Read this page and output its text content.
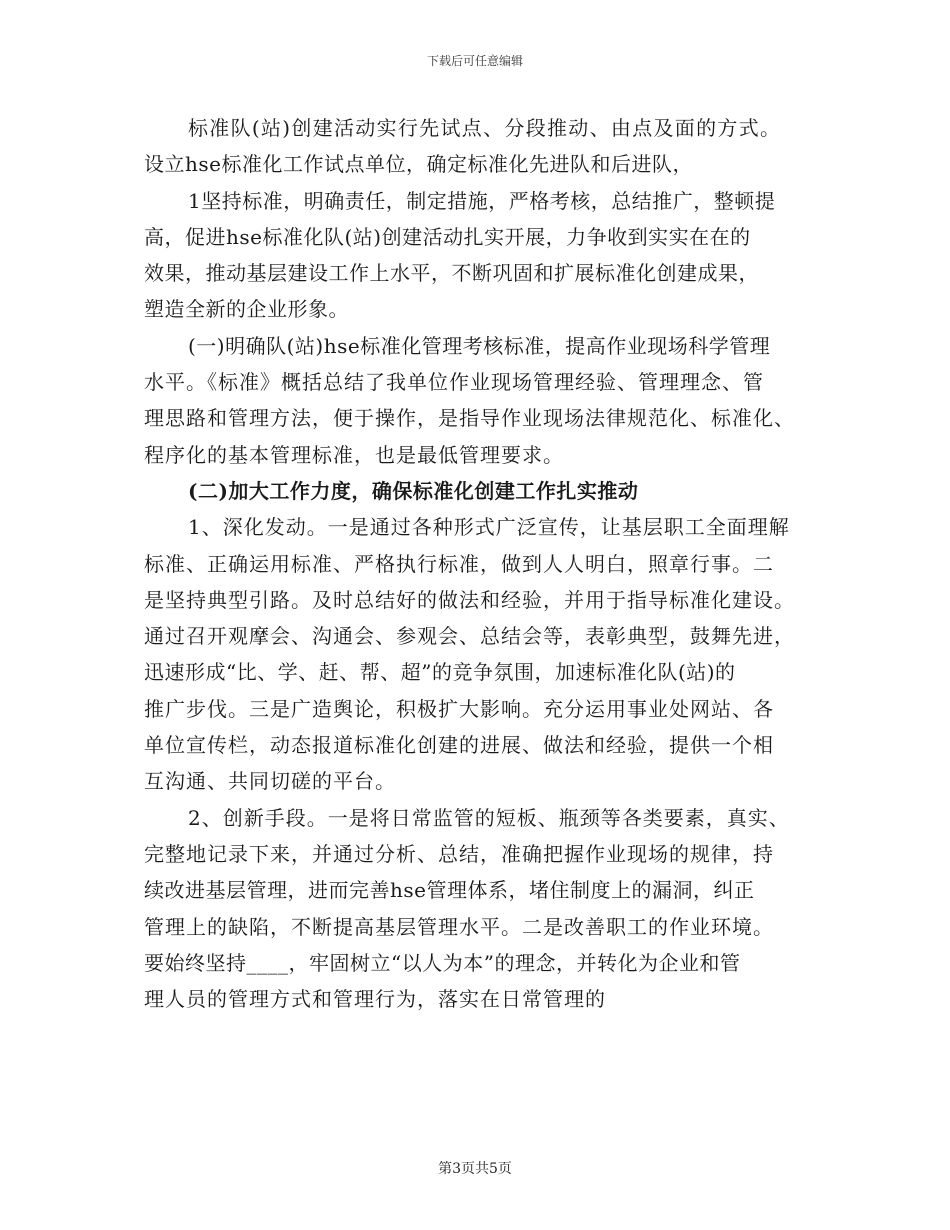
下载后可任意编辑
标准队(站)创建活动实行先试点、分段推动、由点及面的方式。
设立hse标准化工作试点单位，确定标准化先进队和后进队，
1坚持标准，明确责任，制定措施，严格考核，总结推广，整顿提
高，促进hse标准化队(站)创建活动扎实开展，力争收到实实在在的
效果，推动基层建设工作上水平，不断巩固和扩展标准化创建成果，
塑造全新的企业形象。
(一)明确队(站)hse标准化管理考核标准，提高作业现场科学管理
水平。《标准》概括总结了我单位作业现场管理经验、管理理念、管
理思路和管理方法，便于操作，是指导作业现场法律规范化、标准化、
程序化的基本管理标准，也是最低管理要求。
(二)加大工作力度，确保标准化创建工作扎实推动
1、深化发动。一是通过各种形式广泛宣传，让基层职工全面理解
标准、正确运用标准、严格执行标准，做到人人明白，照章行事。二
是坚持典型引路。及时总结好的做法和经验，并用于指导标准化建设。
通过召开观摩会、沟通会、参观会、总结会等，表彰典型，鼓舞先进，
迅速形成“比、学、赶、帮、超”的竞争氛围，加速标准化队(站)的
推广步伐。三是广造舆论，积极扩大影响。充分运用事业处网站、各
单位宣传栏，动态报道标准化创建的进展、做法和经验，提供一个相
互沟通、共同切磋的平台。
2、创新手段。一是将日常监管的短板、瓶颈等各类要素，真实、
完整地记录下来，并通过分析、总结，准确把握作业现场的规律，持
续改进基层管理，进而完善hse管理体系，堵住制度上的漏洞，纠正
管理上的缺陷，不断提高基层管理水平。二是改善职工的作业环境。
要始终坚持____，牢固树立“以人为本”的理念，并转化为企业和管
理人员的管理方式和管理行为，落实在日常管理的
第3页共5页
